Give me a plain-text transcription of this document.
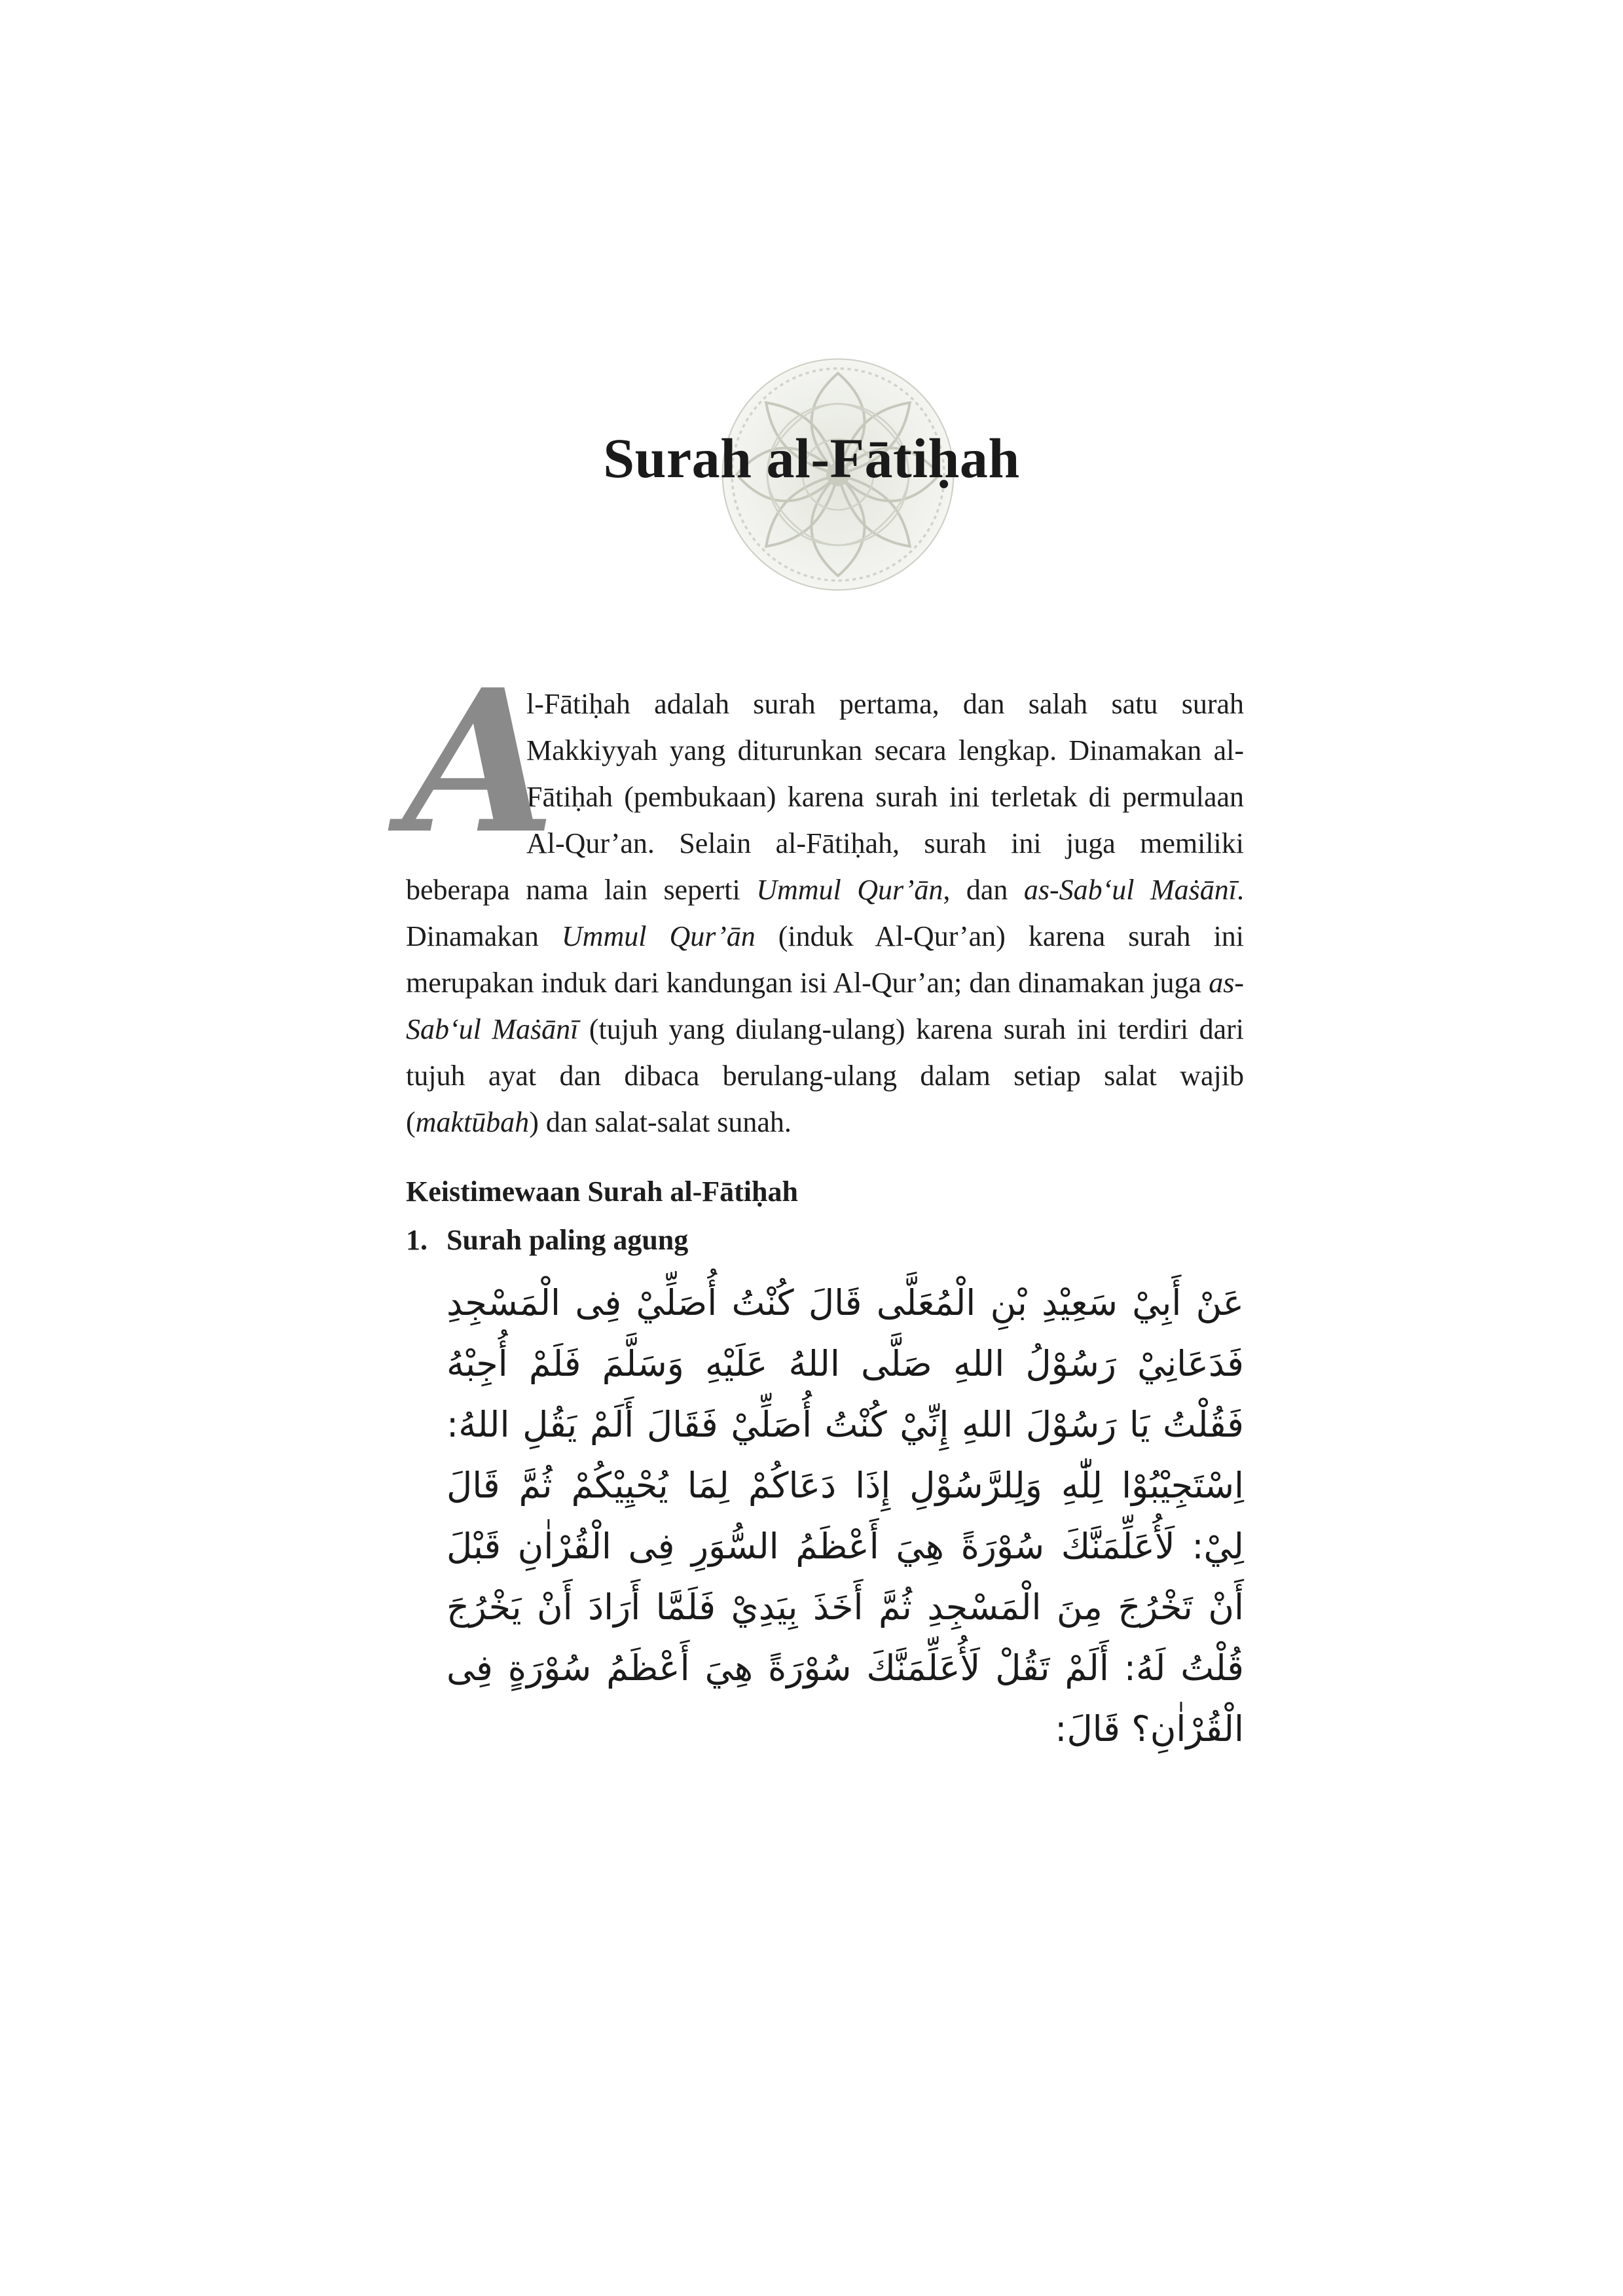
Surah al-Fātiḥah

A
l-Fātiḥah adalah surah pertama, dan salah satu surah Makkiyyah yang diturunkan secara lengkap. Dinamakan al-Fātiḥah (pembukaan) karena surah ini terletak di permulaan Al-Qur’an. Selain al-Fātiḥah, surah ini juga memiliki beberapa nama lain seperti Ummul Qur’ān, dan as-Sab‘ul Maṡānī. Dinamakan Ummul Qur’ān (induk Al-Qur’an) karena surah ini merupakan induk dari kandungan isi Al-Qur’an; dan dinamakan juga as-Sab‘ul Maṡānī (tujuh yang diulang-ulang) karena surah ini terdiri dari tujuh ayat dan dibaca berulang-ulang dalam setiap salat wajib (maktūbah) dan salat-salat sunah.

Keistimewaan Surah al-Fātiḥah
1. Surah paling agung

عَنْ أَبِيْ سَعِيْدِ بْنِ الْمُعَلَّى قَالَ كُنْتُ أُصَلِّيْ فِى الْمَسْجِدِ فَدَعَانِيْ رَسُوْلُ اللهِ صَلَّى اللهُ عَلَيْهِ وَسَلَّمَ فَلَمْ أُجِبْهُ فَقُلْتُ يَا رَسُوْلَ اللهِ إِنِّيْ كُنْتُ أُصَلِّيْ فَقَالَ أَلَمْ يَقُلِ اللهُ: اِسْتَجِيْبُوْا لِلّٰهِ وَلِلرَّسُوْلِ إِذَا دَعَاكُمْ لِمَا يُحْيِيْكُمْ ثُمَّ قَالَ لِيْ: لَأُعَلِّمَنَّكَ سُوْرَةً هِيَ أَعْظَمُ السُّوَرِ فِى الْقُرْاٰنِ قَبْلَ أَنْ تَخْرُجَ مِنَ الْمَسْجِدِ ثُمَّ أَخَذَ بِيَدِيْ فَلَمَّا أَرَادَ أَنْ يَخْرُجَ قُلْتُ لَهُ: أَلَمْ تَقُلْ لَأُعَلِّمَنَّكَ سُوْرَةً هِيَ أَعْظَمُ سُوْرَةٍ فِى الْقُرْاٰنِ؟ قَالَ:
